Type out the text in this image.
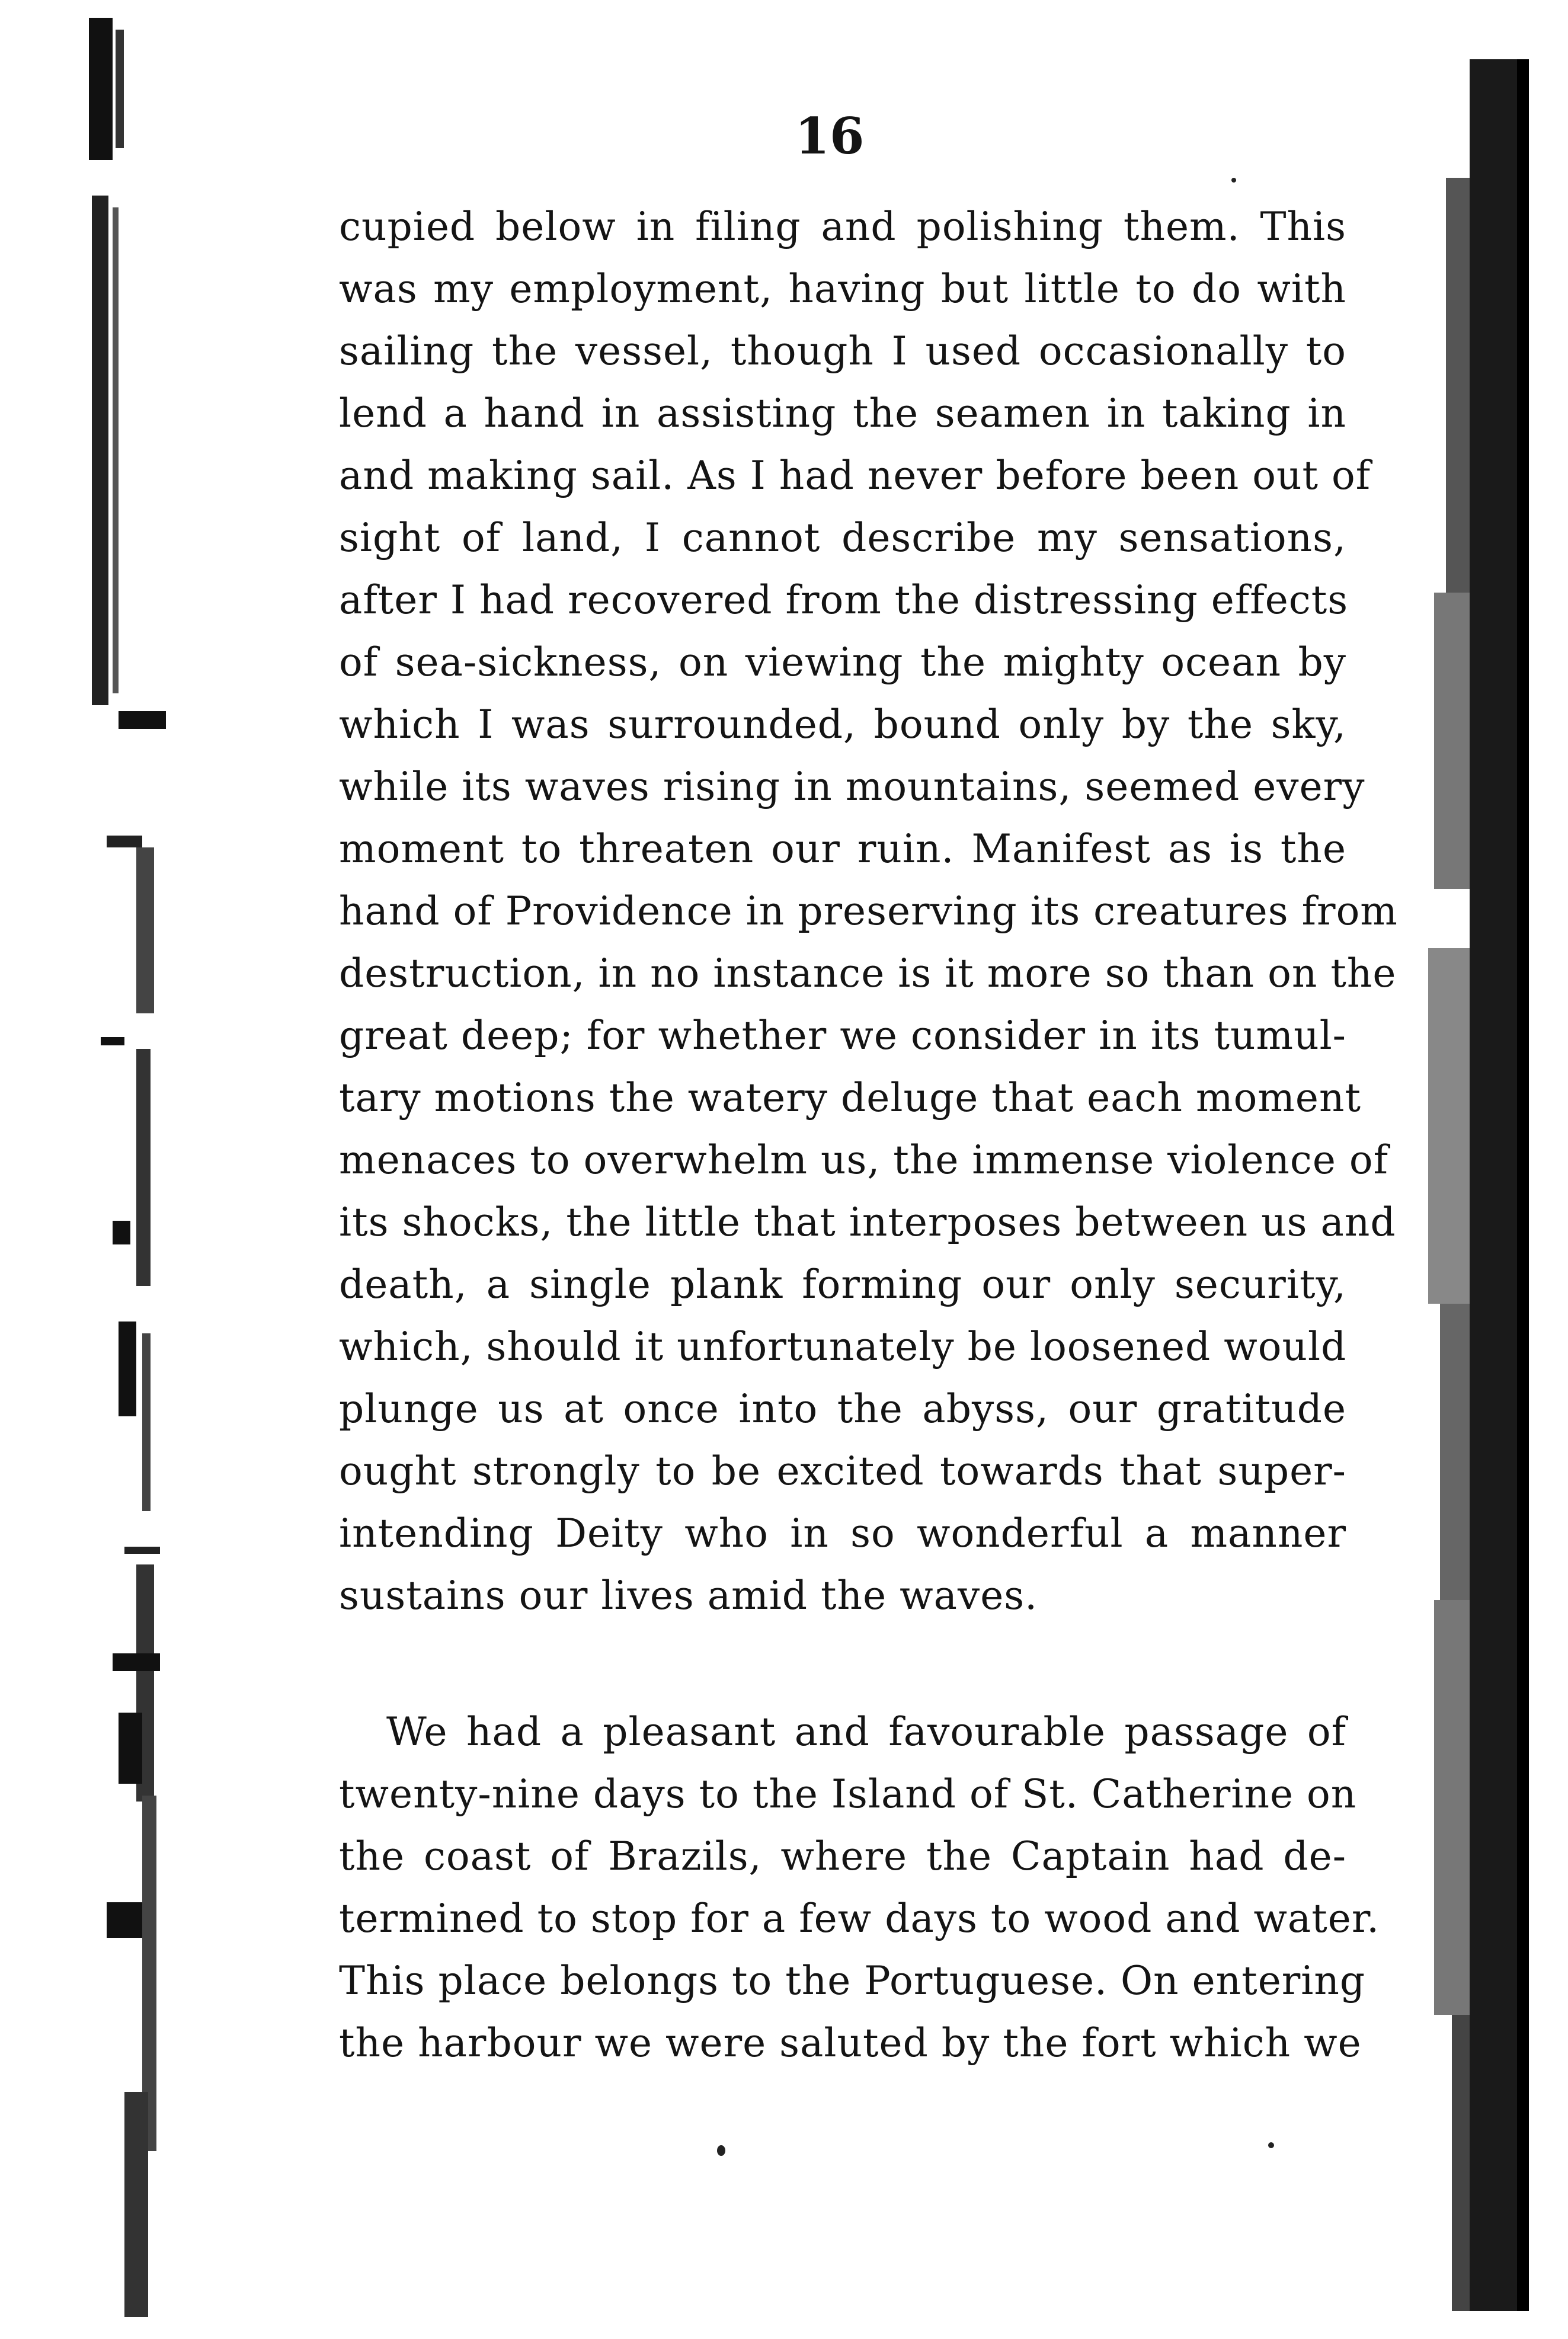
16
cupied below in filing and polishing them. This
was my employment, having but little to do with
sailing the vessel, though I used occasionally to
lend a hand in assisting the seamen in taking in
and making sail. As I had never before been out of
sight of land, I cannot describe my sensations,
after I had recovered from the distressing effects
of sea-sickness, on viewing the mighty ocean by
which I was surrounded, bound only by the sky,
while its waves rising in mountains, seemed every
moment to threaten our ruin. Manifest as is the
hand of Providence in preserving its creatures from
destruction, in no instance is it more so than on the
great deep; for whether we consider in its tumul-
tary motions the watery deluge that each moment
menaces to overwhelm us, the immense violence of
its shocks, the little that interposes between us and
death, a single plank forming our only security,
which, should it unfortunately be loosened would
plunge us at once into the abyss, our gratitude
ought strongly to be excited towards that super-
intending Deity who in so wonderful a manner
sustains our lives amid the waves.
We had a pleasant and favourable passage of
twenty-nine days to the Island of St. Catherine on
the coast of Brazils, where the Captain had de-
termined to stop for a few days to wood and water.
This place belongs to the Portuguese. On entering
the harbour we were saluted by the fort which we
